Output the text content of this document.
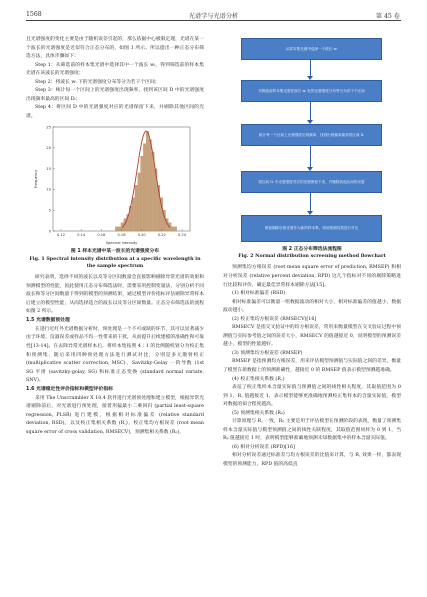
1568	光谱学与光谱分析	第 45 卷

且光谱强度的变化主要是由于随机误差引起的，那么依据中心极限定理，光谱在某一个波长的光谱强度是近似符合正态分布的，如图 1 所示。所以提出一种正态分布筛选方法，具体步骤如下：

Step 1：从筛选前的样本集光谱中选择其中一个波长 wᵢ，得到筛选前的样本集光谱在该波长的光谱强度；

Step 2：将波长 wᵢ 下的光谱强度分布等分为若干个区间；

Step 3：统计每一个区间上的光谱强度出现频率，找到该区间 D 中的光谱强度出现频率最高的区间 Dᵢ；

Step 4：将区间 D 中的光谱强度对应的光谱保留下来，并剔除其他区间的光谱。

0
5
10
15
20
25
0.12	0.14	0.16	0.18	0.20	0.22	0.24
Spectral intensity
Frequency

图 1 样本光谱中某一波长的光谱强度分布

Fig. 1 Spectral intensity distribution at a specific wavelength in the sample spectrum

研究表明，选择不同的波长以及等分区间数量会直接影响剔除异常光谱的效果和预测模型的性能，因此使用正态分布筛选法时，需要采用控制变量法，分别分析不同波长和等分区间数量下得到的模型的预测结果，通过模型评价指标评估剔除异常样本后建立的模型性能，从而选择适合的波长以及等分区间数量。正态分布筛选法的流程如图 2 所示。

1.5 光谱数据预处理

在进行近红外光谱数据分析时，预处理是一个不可或缺的环节，其可以显著减少由于环境、仪器误差或样品不均一性带来的干扰，从而提升后续建模的准确性和可靠性[13-14]。在去除异常光谱样本后，将样本集按照 4∶1 的比例随机划分为校正集和预测集，随后采用四种预处理方法进行测试对比，分别是多元散射校正 (multiplicative scatter correction, MSC)、Savitzky-Golay 一阶导数 (1st SG 平滑 (savitzky-golay, SG) 和标准正态变换 (standard normal variate, SNV)。

1.6 光谱稳定性评价指标和模型评价指标

采用 The Unscrambler X 10.4 软件进行光谱预处理和建立模型，根据异常光谱剔除前后，对光谱进行预处理，接着用偏最小二乘回归 (partial least-square regression, PLSR) 进行建模，根据相对标准偏差 (relative standard deviation, RSD)，以及校正集相关系数 (R꜀)，校正集均方根误差 (root mean square error of cross validation, RMSECV)，预测集相关系数 (Rₚ)，

从样本集光谱中选择一个波长 wᵢ
对筛选前样本集光谱在波长 wᵢ 处的光谱强度分布等分为若干个区间
统计每一个区间上光谱强度出现频率，找到出现频率最高的区间 Dᵢ
将区间 Dᵢ 中光谱强度对应的光谱保留下来，并剔除其他区间的光谱
保留剔除后的光谱作为新的样本集，得到预测结果进行对比

图 2 正态分布筛选法流程图

Fig. 2 Normal distribution screening method flowchart

预测集均方根误差 (root mean square error of prediction, RMSEP) 和相对分析误差 (relative percent deviation, RPD) 这几个指标对不同的剔除策略进行比较和评价，确定最佳异常样本剔除方法[15]。

(1) 相对标准偏差 (RSD)

相对标准偏差可以衡量一组数据波动的相对大小，相对标准偏差的值越小，数据波动越小。

(2) 校正集均方根误差 (RMSECV)[16]

RMSECV 是指交叉验证中的均方根误差，常用来衡量模型在交叉验证过程中预测值与实际参考值之间的误差大小，RMSECV 的值越接近 0，说明模型的预测误差越小，模型的性能越好。

(3) 预测集均方根误差 (RMSEP)

RMSEP 是指预测均方根误差，用来评估模型预测值与实际值之间的差异，衡量了模型在新数据上的预测准确性，越接近 0 的 RMSEP 值表示模型预测越准确。

(4) 校正集相关系数 (R꜀)

表征了校正集样本含量实际值与预测值之间的线性相关程度，其取值范围为 0 到 1，R꜀ 值越接近 1，表示模型能够更准确地预测校正集样本的含量实际值，模型对数据的拟合程度越高。

(5) 预测集相关系数 (Rₚ)

计算原理与 R꜀ 一致，Rₚ 主要是用于评估模型在预测阶段的表现，衡量了预测集样本含量实际值与模型预测值之间的线性关联程度，其取值范围同样为 0 到 1，当 Rₚ 值越接近 1 时，表明模型能够准确地预测未知数据集中的样本含量实际值。

(6) 相对分析误差 (RPD)[16]

相对分析误差通过标准差与均方根误差的比值来计算，与 R꜀ 效果一样，都表现模型的预测能力。RPD 值的高低直
